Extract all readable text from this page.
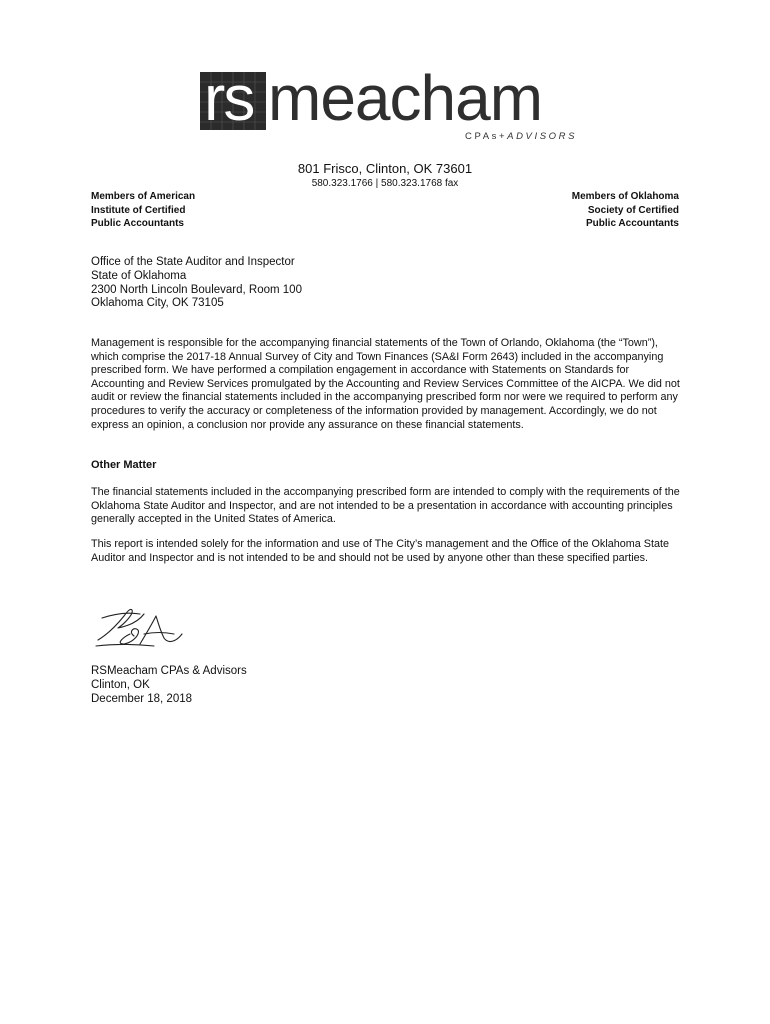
rs meacham
CPAs+ADVISORS
801 Frisco, Clinton, OK 73601
580.323.1766 | 580.323.1768 fax
Members of American
Institute of Certified
Public Accountants
Members of Oklahoma
Society of Certified
Public Accountants
Office of the State Auditor and Inspector
State of Oklahoma
2300 North Lincoln Boulevard, Room 100
Oklahoma City, OK 73105
Management is responsible for the accompanying financial statements of the Town of Orlando, Oklahoma (the “Town”), which comprise the 2017-18 Annual Survey of City and Town Finances (SA&I Form 2643) included in the accompanying prescribed form. We have performed a compilation engagement in accordance with Statements on Standards for Accounting and Review Services promulgated by the Accounting and Review Services Committee of the AICPA. We did not audit or review the financial statements included in the accompanying prescribed form nor were we required to perform any procedures to verify the accuracy or completeness of the information provided by management. Accordingly, we do not express an opinion, a conclusion nor provide any assurance on these financial statements.
Other Matter
The financial statements included in the accompanying prescribed form are intended to comply with the requirements of the Oklahoma State Auditor and Inspector, and are not intended to be a presentation in accordance with accounting principles generally accepted in the United States of America.
This report is intended solely for the information and use of The City’s management and the Office of the Oklahoma State Auditor and Inspector and is not intended to be and should not be used by anyone other than these specified parties.
RSMeacham CPAs & Advisors
Clinton, OK
December 18, 2018
